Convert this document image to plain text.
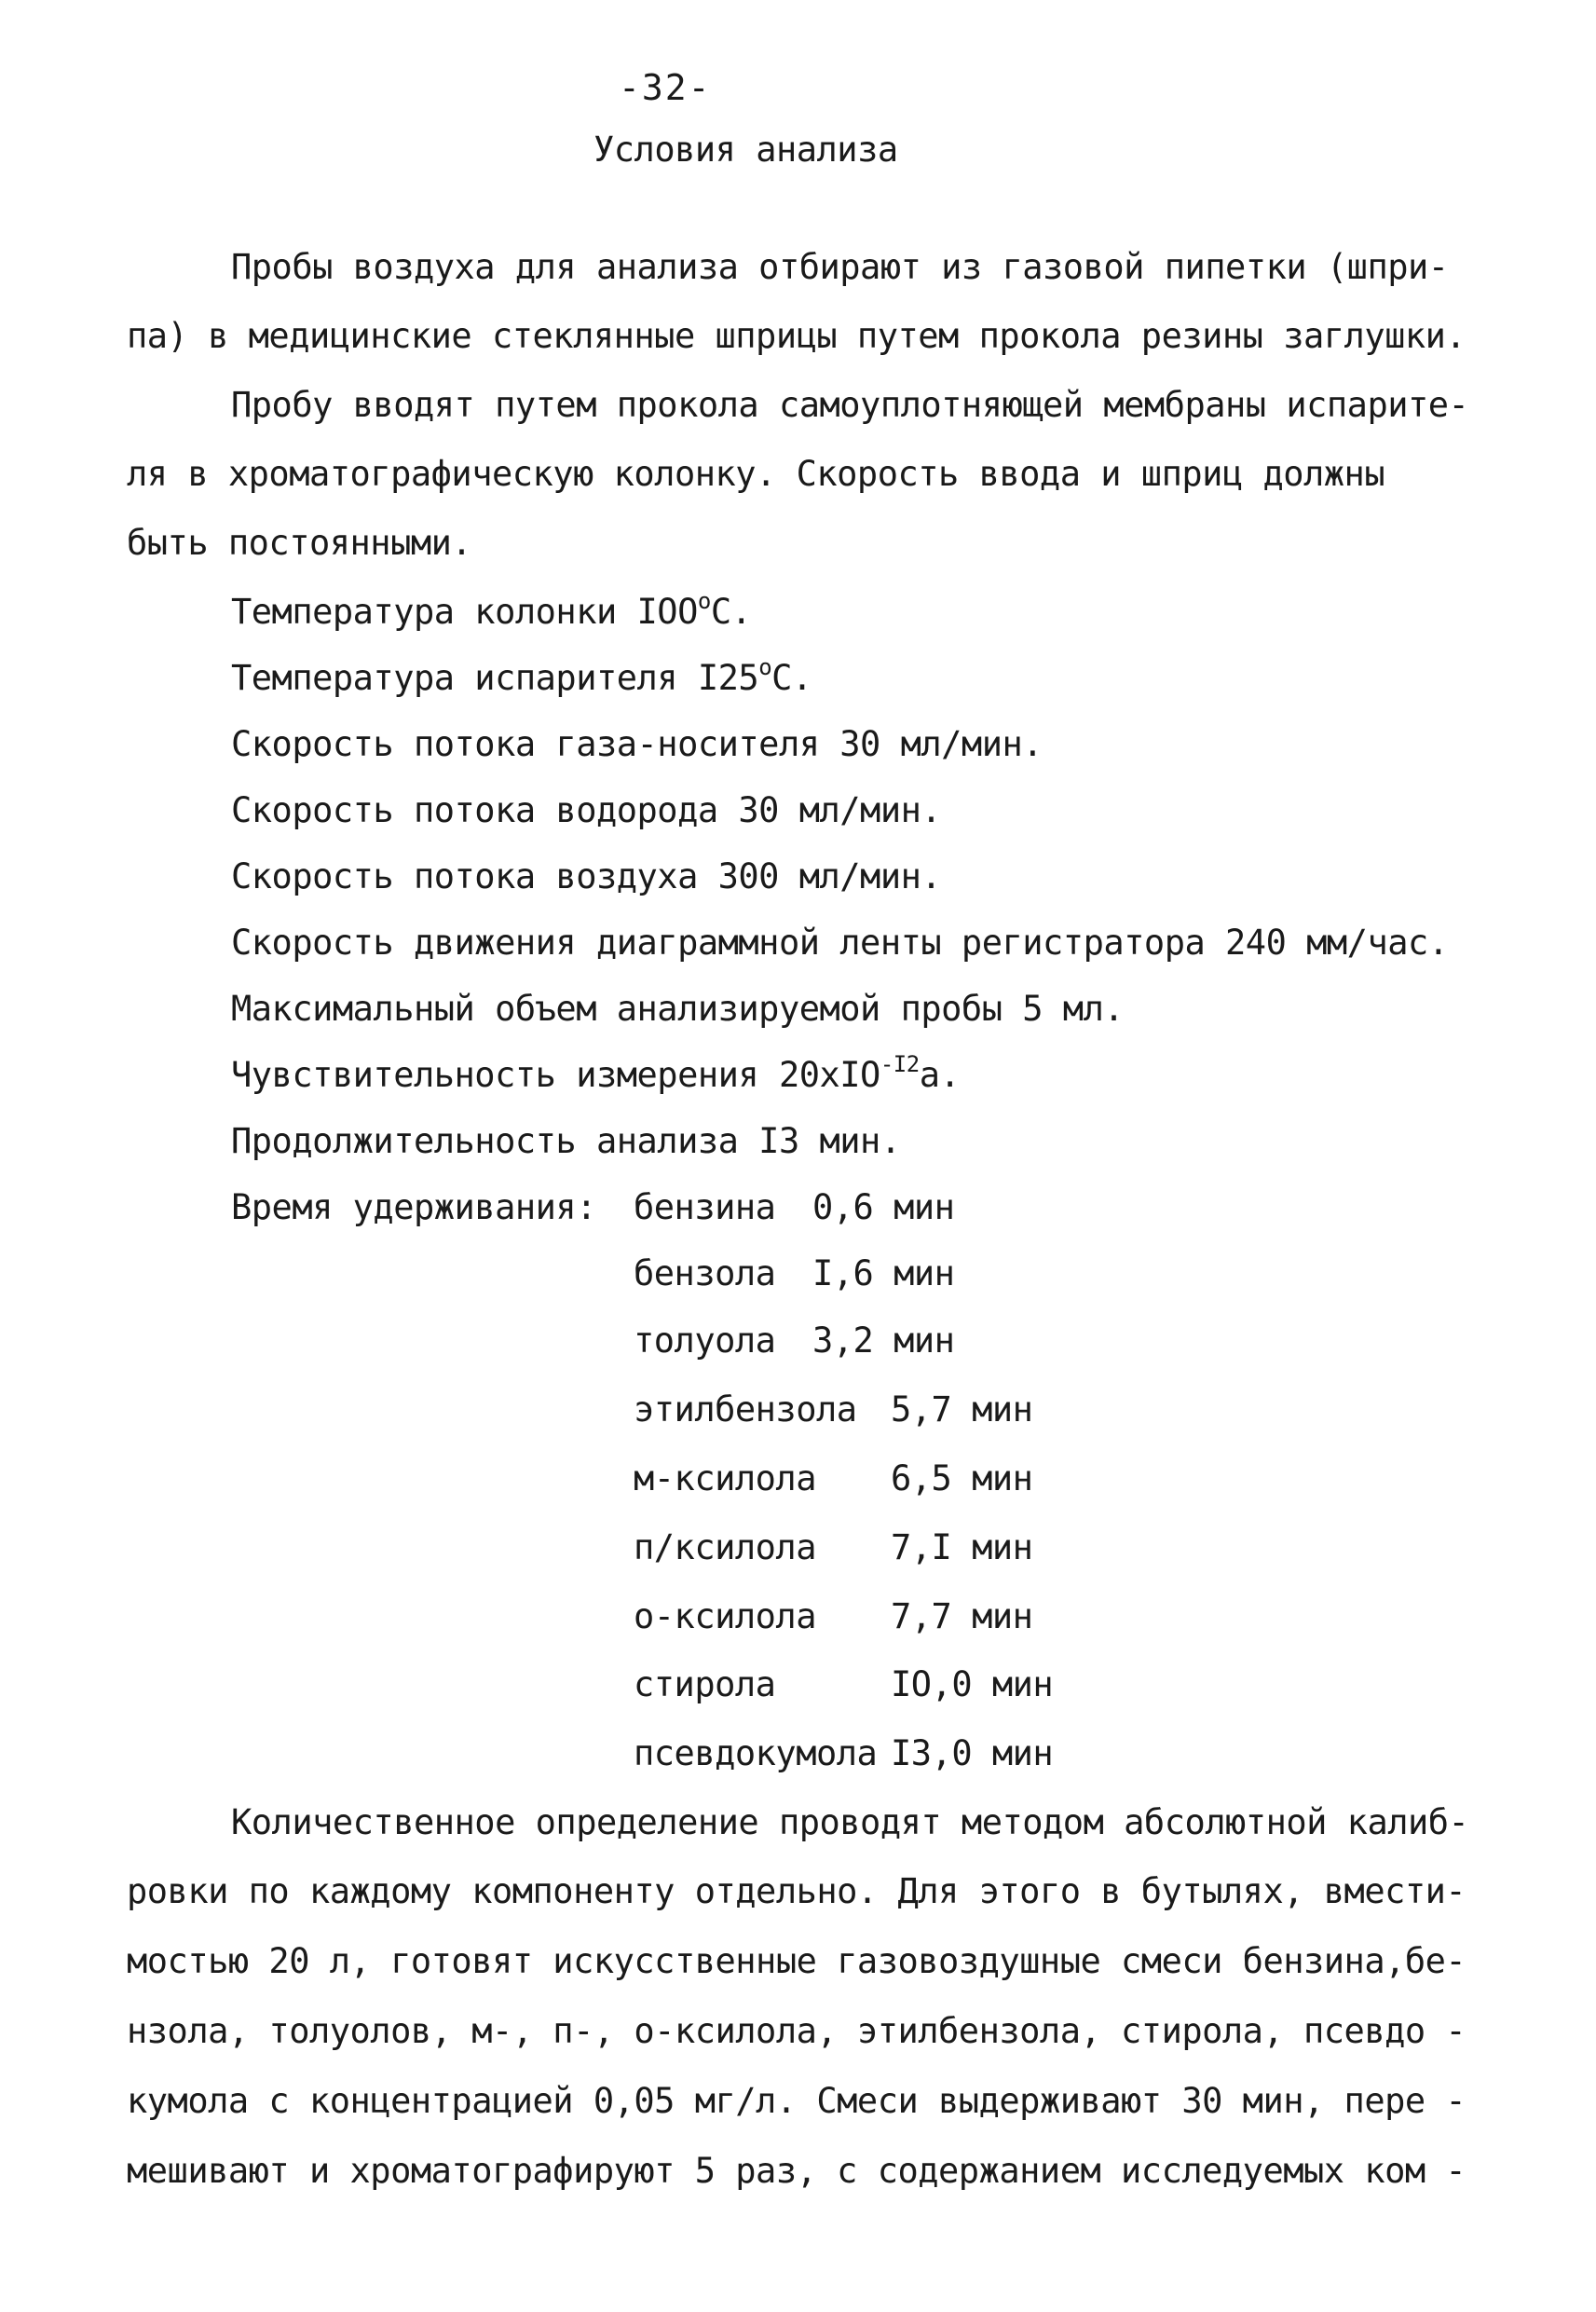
-32-
Условия анализа
Пробы воздуха для анализа отбирают из газовой пипетки (шпри-
па) в медицинские стеклянные шприцы путем прокола резины заглушки.
Пробу вводят путем прокола самоуплотняющей мембраны испарите-
ля в хроматографическую колонку. Скорость ввода и шприц должны
быть постоянными.
Температура колонки IOO$^o$C.
Температура испарителя I25$^o$C.
Скорость потока газа-носителя 30 мл/мин.
Скорость потока водорода 30 мл/мин.
Скорость потока воздуха 300 мл/мин.
Скорость движения диаграммной ленты регистратора 240 мм/час.
Максимальный объем анализируемой пробы 5 мл.
Чувствительность измерения 20xIO$^{-I2}$a.
Продолжительность анализа I3 мин.
Время удерживания: бензина 0,6 мин
бензола I,6 мин
толуола 3,2 мин
этилбензола 5,7 мин
м-ксилола 6,5 мин
п/ксилола 7,I мин
о-ксилола 7,7 мин
стирола	IO,0 мин
псевдокумола I3,0 мин
Количественное определение проводят методом абсолютной калиб-
ровки по каждому компоненту отдельно. Для этого в бутылях, вмести-
мостью 20 л, готовят искусственные газовоздушные смеси бензина,бе-
нзола, толуолов, м-, п-, о-ксилола, этилбензола, стирола, псевдо -
кумола с концентрацией 0,05 мг/л. Смеси выдерживают 30 мин, пере -
мешивают и хроматографируют 5 раз, с содержанием исследуемых ком -
